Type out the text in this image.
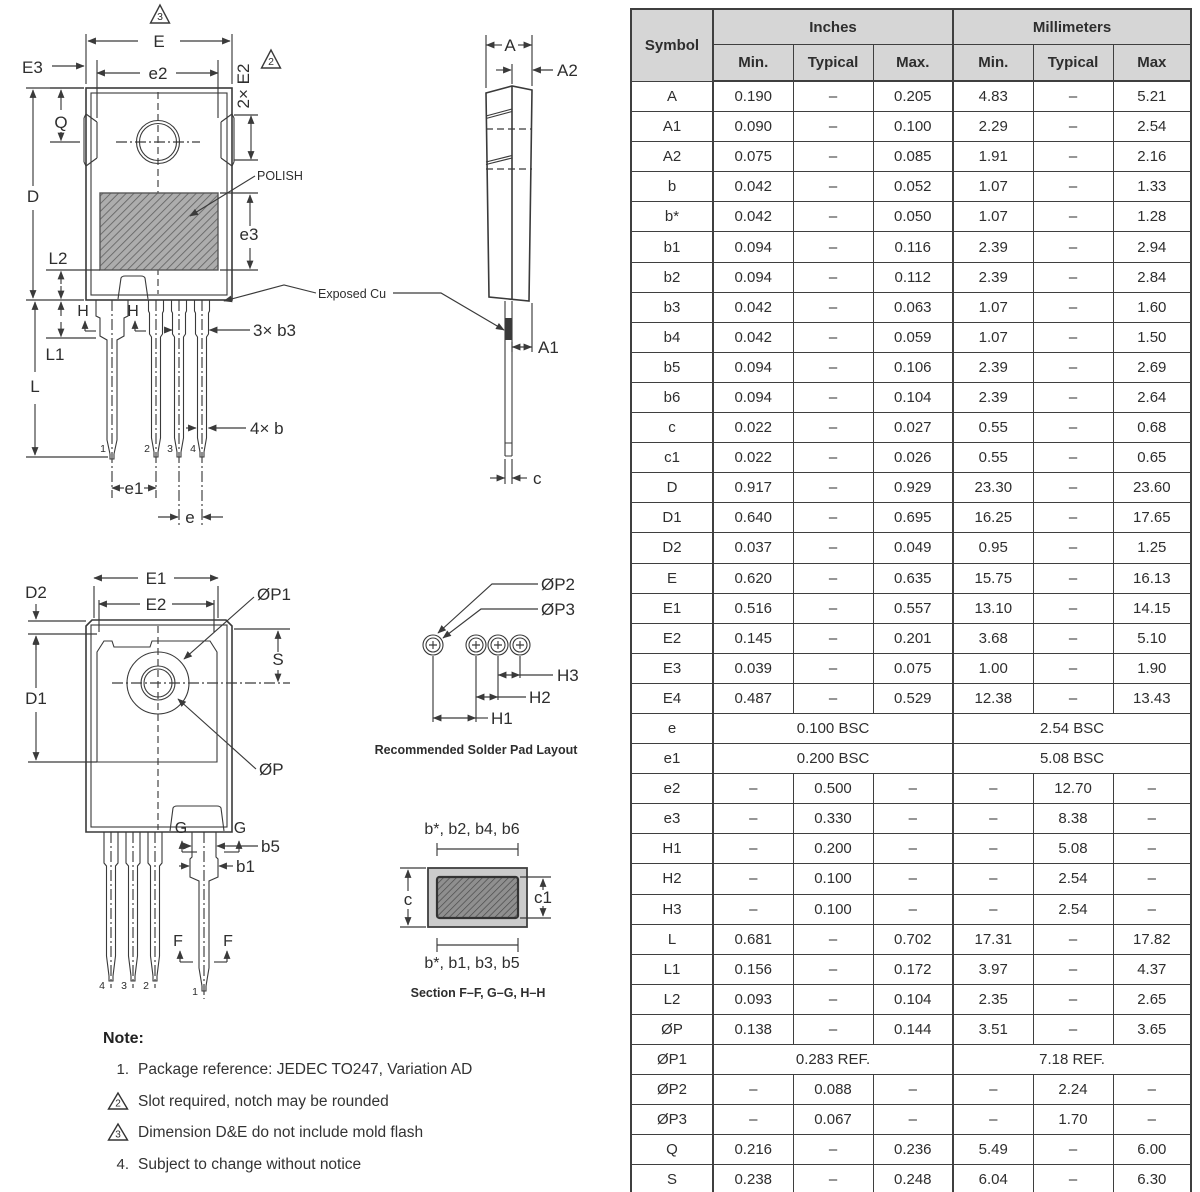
POLISH
1	2 3 4
E
3
e2
E3	2× E2
2
Q
D
e3
L2
L1
L
H H
3× b3
4× b
e1
e
Exposed Cu
A
A2
A1
c
E1
E2
D2
D1
S
ØP1
ØP
4 3 2	1
G	G
b5
b1
F	F
ØP2
ØP3
H3
H2
H1
Recommended Solder Pad Layout
b*, b2, b4, b6
c	c1
b*, b1, b3, b5
Section F–F, G–G, H–H
Symbol	Inches			Millimeters		
	Min.	Typical	Max.	Min.	Typical	Max
A	0.190	–	0.205	4.83	–	5.21
A1	0.090	–	0.100	2.29	–	2.54
A2	0.075	–	0.085	1.91	–	2.16
b	0.042	–	0.052	1.07	–	1.33
b*	0.042	–	0.050	1.07	–	1.28
b1	0.094	–	0.116	2.39	–	2.94
b2	0.094	–	0.112	2.39	–	2.84
b3	0.042	–	0.063	1.07	–	1.60
b4	0.042	–	0.059	1.07	–	1.50
b5	0.094	–	0.106	2.39	–	2.69
b6	0.094	–	0.104	2.39	–	2.64
c	0.022	–	0.027	0.55	–	0.68
c1	0.022	–	0.026	0.55	–	0.65
D	0.917	–	0.929	23.30	–	23.60
D1	0.640	–	0.695	16.25	–	17.65
D2	0.037	–	0.049	0.95	–	1.25
E	0.620	–	0.635	15.75	–	16.13
E1	0.516	–	0.557	13.10	–	14.15
E2	0.145	–	0.201	3.68	–	5.10
E3	0.039	–	0.075	1.00	–	1.90
E4	0.487	–	0.529	12.38	–	13.43
e	0.100 BSC			2.54 BSC		
e1	0.200 BSC			5.08 BSC		
e2	–	0.500	–	–	12.70	–
e3	–	0.330	–	–	8.38	–
H1	–	0.200	–	–	5.08	–
H2	–	0.100	–	–	2.54	–
H3	–	0.100	–	–	2.54	–
L	0.681	–	0.702	17.31	–	17.82
L1	0.156	–	0.172	3.97	–	4.37
L2	0.093	–	0.104	2.35	–	2.65
ØP	0.138	–	0.144	3.51	–	3.65
ØP1	0.283 REF.			7.18 REF.		
ØP2	–	0.088	–	–	2.24	–
ØP3	–	0.067	–	–	1.70	–
Q	0.216	–	0.236	5.49	–	6.00
S	0.238	–	0.248	6.04	–	6.30
Note:
1. Package reference: JEDEC TO247, Variation AD
2 Slot required, notch may be rounded
3 Dimension D&E do not include mold flash
4. Subject to change without notice
